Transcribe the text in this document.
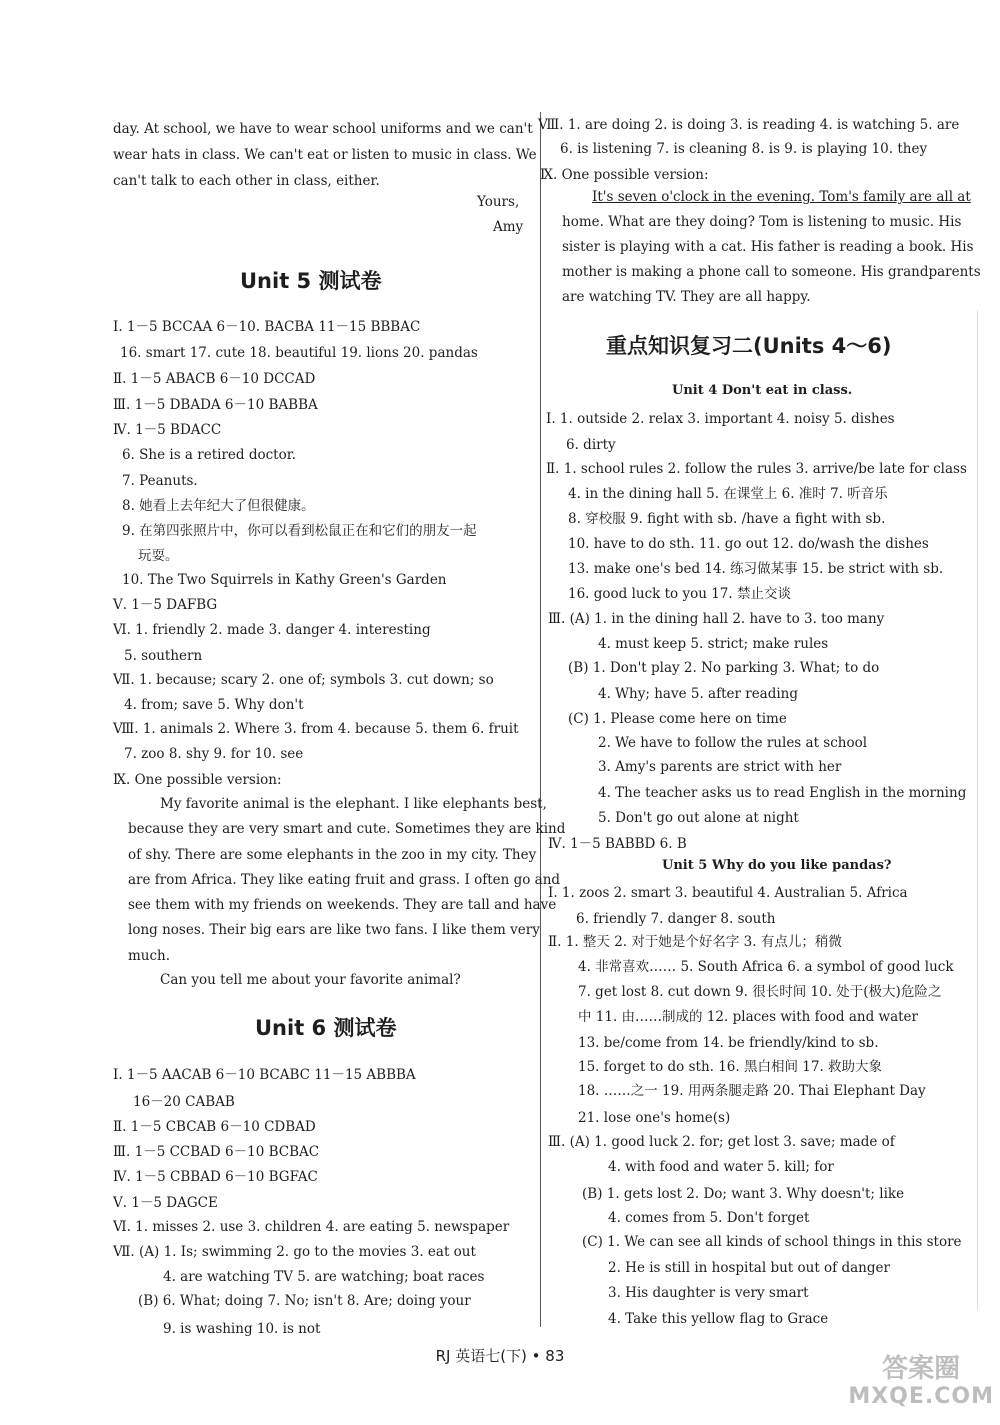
day. At school, we have to wear school uniforms and we can't
wear hats in class. We can't eat or listen to music in class. We
can't talk to each other in class, either.
Yours,
Amy
Unit 5 测试卷
Ⅰ. 1－5 BCCAA 6－10. BACBA 11－15 BBBAC
16. smart 17. cute 18. beautiful 19. lions 20. pandas
Ⅱ. 1－5 ABACB 6－10 DCCAD
Ⅲ. 1－5 DBADA 6－10 BABBA
Ⅳ. 1－5 BDACC
6. She is a retired doctor.
7. Peanuts.
8. 她看上去年纪大了但很健康。
9. 在第四张照片中，你可以看到松鼠正在和它们的朋友一起
玩耍。
10. The Two Squirrels in Kathy Green's Garden
Ⅴ. 1－5 DAFBG
Ⅵ. 1. friendly 2. made 3. danger 4. interesting
5. southern
Ⅶ. 1. because; scary 2. one of; symbols 3. cut down; so
4. from; save 5. Why don't
Ⅷ. 1. animals 2. Where 3. from 4. because 5. them 6. fruit
7. zoo 8. shy 9. for 10. see
Ⅸ. One possible version:
My favorite animal is the elephant. I like elephants best,
because they are very smart and cute. Sometimes they are kind
of shy. There are some elephants in the zoo in my city. They
are from Africa. They like eating fruit and grass. I often go and
see them with my friends on weekends. They are tall and have
long noses. Their big ears are like two fans. I like them very
much.
Can you tell me about your favorite animal?
Unit 6 测试卷
Ⅰ. 1－5 AACAB 6－10 BCABC 11－15 ABBBA
16－20 CABAB
Ⅱ. 1－5 CBCAB 6－10 CDBAD
Ⅲ. 1－5 CCBAD 6－10 BCBAC
Ⅳ. 1－5 CBBAD 6－10 BGFAC
Ⅴ. 1－5 DAGCE
Ⅵ. 1. misses 2. use 3. children 4. are eating 5. newspaper
Ⅶ. (A) 1. Is; swimming 2. go to the movies 3. eat out
4. are watching TV 5. are watching; boat races
(B) 6. What; doing 7. No; isn't 8. Are; doing your
9. is washing 10. is not
Ⅷ. 1. are doing 2. is doing 3. is reading 4. is watching 5. are
6. is listening 7. is cleaning 8. is 9. is playing 10. they
Ⅸ. One possible version:
It's seven o'clock in the evening. Tom's family are all at
home. What are they doing? Tom is listening to music. His
sister is playing with a cat. His father is reading a book. His
mother is making a phone call to someone. His grandparents
are watching TV. They are all happy.
重点知识复习二(Units 4～6)
Unit 4 Don't eat in class.
Ⅰ. 1. outside 2. relax 3. important 4. noisy 5. dishes
6. dirty
Ⅱ. 1. school rules 2. follow the rules 3. arrive/be late for class
4. in the dining hall 5. 在课堂上 6. 准时 7. 听音乐
8. 穿校服 9. fight with sb. /have a fight with sb.
10. have to do sth. 11. go out 12. do/wash the dishes
13. make one's bed 14. 练习做某事 15. be strict with sb.
16. good luck to you 17. 禁止交谈
Ⅲ. (A) 1. in the dining hall 2. have to 3. too many
4. must keep 5. strict; make rules
(B) 1. Don't play 2. No parking 3. What; to do
4. Why; have 5. after reading
(C) 1. Please come here on time
2. We have to follow the rules at school
3. Amy's parents are strict with her
4. The teacher asks us to read English in the morning
5. Don't go out alone at night
Ⅳ. 1－5 BABBD 6. B
Unit 5 Why do you like pandas?
Ⅰ. 1. zoos 2. smart 3. beautiful 4. Australian 5. Africa
6. friendly 7. danger 8. south
Ⅱ. 1. 整天 2. 对于她是个好名字 3. 有点儿；稍微
4. 非常喜欢…… 5. South Africa 6. a symbol of good luck
7. get lost 8. cut down 9. 很长时间 10. 处于(极大)危险之
中 11. 由……制成的 12. places with food and water
13. be/come from 14. be friendly/kind to sb.
15. forget to do sth. 16. 黑白相间 17. 救助大象
18. ……之一 19. 用两条腿走路 20. Thai Elephant Day
21. lose one's home(s)
Ⅲ. (A) 1. good luck 2. for; get lost 3. save; made of
4. with food and water 5. kill; for
(B) 1. gets lost 2. Do; want 3. Why doesn't; like
4. comes from 5. Don't forget
(C) 1. We can see all kinds of school things in this store
2. He is still in hospital but out of danger
3. His daughter is very smart
4. Take this yellow flag to Grace
RJ 英语七(下) • 83	答案圈
MXQE.COM
